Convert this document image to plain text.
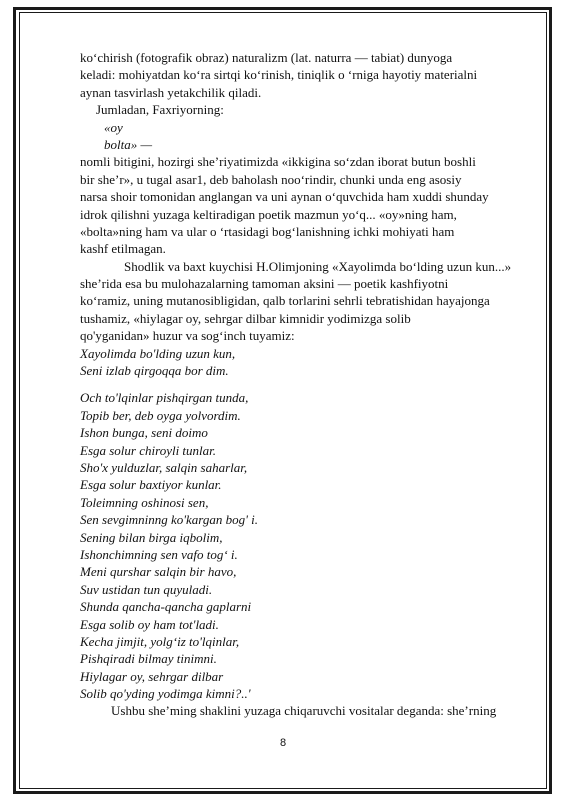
ko‘chirish (fotografik obraz) naturalizm (lat. naturra — tabiat) dunyoga
keladi: mohiyatdan ko‘ra sirtqi ko‘rinish, tiniqlik o ‘rniga hayotiy materialni
aynan tasvirlash yetakchilik qiladi.
Jumladan, Faxriyorning:
«oy
bolta» —
nomli bitigini, hozirgi she’riyatimizda «ikkigina so‘zdan iborat butun boshli
bir she’r», u tugal asar1, deb baholash noo‘rindir, chunki unda eng asosiy
narsa shoir tomonidan anglangan va uni aynan o‘quvchida ham xuddi shunday
idrok qilishni yuzaga keltiradigan poetik mazmun yo‘q... «oy»ning ham,
«bolta»ning ham va ular o ‘rtasidagi bog‘lanishning ichki mohiyati ham
kashf etilmagan.
Shodlik va baxt kuychisi H.Olimjoning «Xayolimda bo‘lding uzun kun...»
she’rida esa bu mulohazalarning tamoman aksini — poetik kashfiyotni
ko‘ramiz, uning mutanosibligidan, qalb torlarini sehrli tebratishidan hayajonga
tushamiz, «hiylagar oy, sehrgar dilbar kimnidir yodimizga solib
qo'yganidan» huzur va sog‘inch tuyamiz:
Xayolimda bo'lding uzun kun,
Seni izlab qirgoqqa bor dim.
Och to'lqinlar pishqirgan tunda,
Topib ber, deb oyga yolvordim.
Ishon bunga, seni doimo
Esga solur chiroyli tunlar.
Sho'x yulduzlar, salqin saharlar,
Esga solur baxtiyor kunlar.
Toleimning oshinosi sen,
Sen sevgimninng ko'kargan bog' i.
Sening bilan birga iqbolim,
Ishonchimning sen vafo tog‘ i.
Meni qurshar salqin bir havo,
Suv ustidan tun quyuladi.
Shunda qancha-qancha gaplarni
Esga solib oy ham tot'ladi.
Kecha jimjit, yolg‘iz to'lqinlar,
Pishqiradi bilmay tinimni.
Hiylagar oy, sehrgar dilbar
Solib qo'yding yodimga kimni?..'
Ushbu she’ming shaklini yuzaga chiqaruvchi vositalar deganda: she’rning
8
